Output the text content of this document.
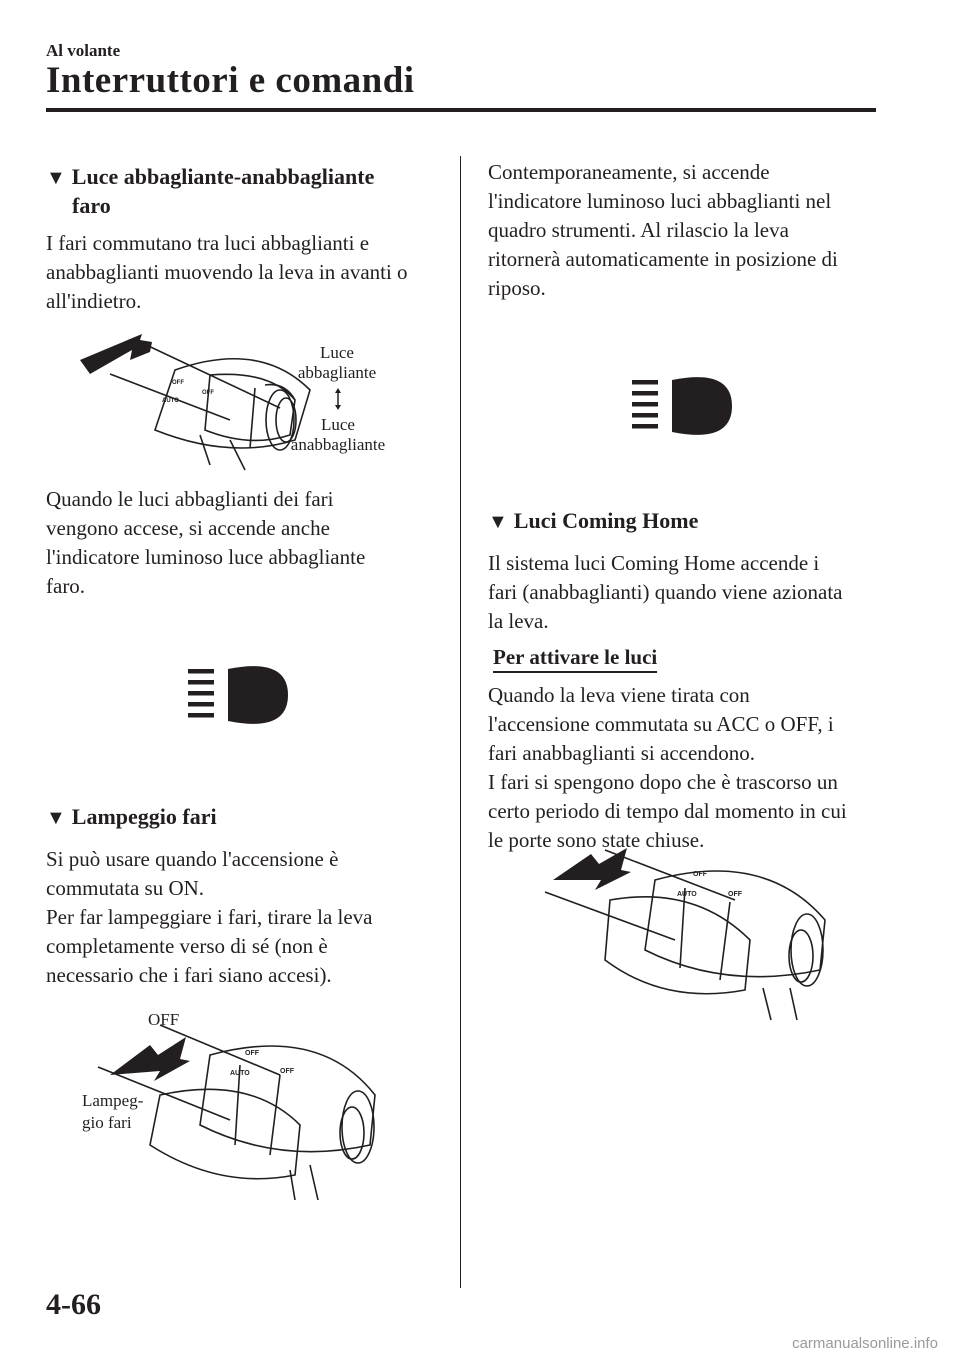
Al volante
Interruttori e comandi
▼ Luce abbagliante-anabbagliante
faro
I fari commutano tra luci abbaglianti e
anabbaglianti muovendo la leva in avanti o
all'indietro.
OFF
AUTO
OFF
Luce
abbagliante
Luce
anabbagliante
Quando le luci abbaglianti dei fari
vengono accese, si accende anche
l'indicatore luminoso luce abbagliante
faro.
▼ Lampeggio fari
Si può usare quando l'accensione è
commutata su ON.
Per far lampeggiare i fari, tirare la leva
completamente verso di sé (non è
necessario che i fari siano accesi).
OFF
AUTO	OFF
OFF
Lampeg-
gio fari
Contemporaneamente, si accende
l'indicatore luminoso luci abbaglianti nel
quadro strumenti. Al rilascio la leva
ritornerà automaticamente in posizione di
riposo.
▼ Luci Coming Home
Il sistema luci Coming Home accende i
fari (anabbaglianti) quando viene azionata
la leva.
Per attivare le luci
Quando la leva viene tirata con
l'accensione commutata su ACC o OFF, i
fari anabbaglianti si accendono.
I fari si spengono dopo che è trascorso un
certo periodo di tempo dal momento in cui
le porte sono state chiuse.
OFF
AUTO	OFF
4-66
carmanualsonline.info
